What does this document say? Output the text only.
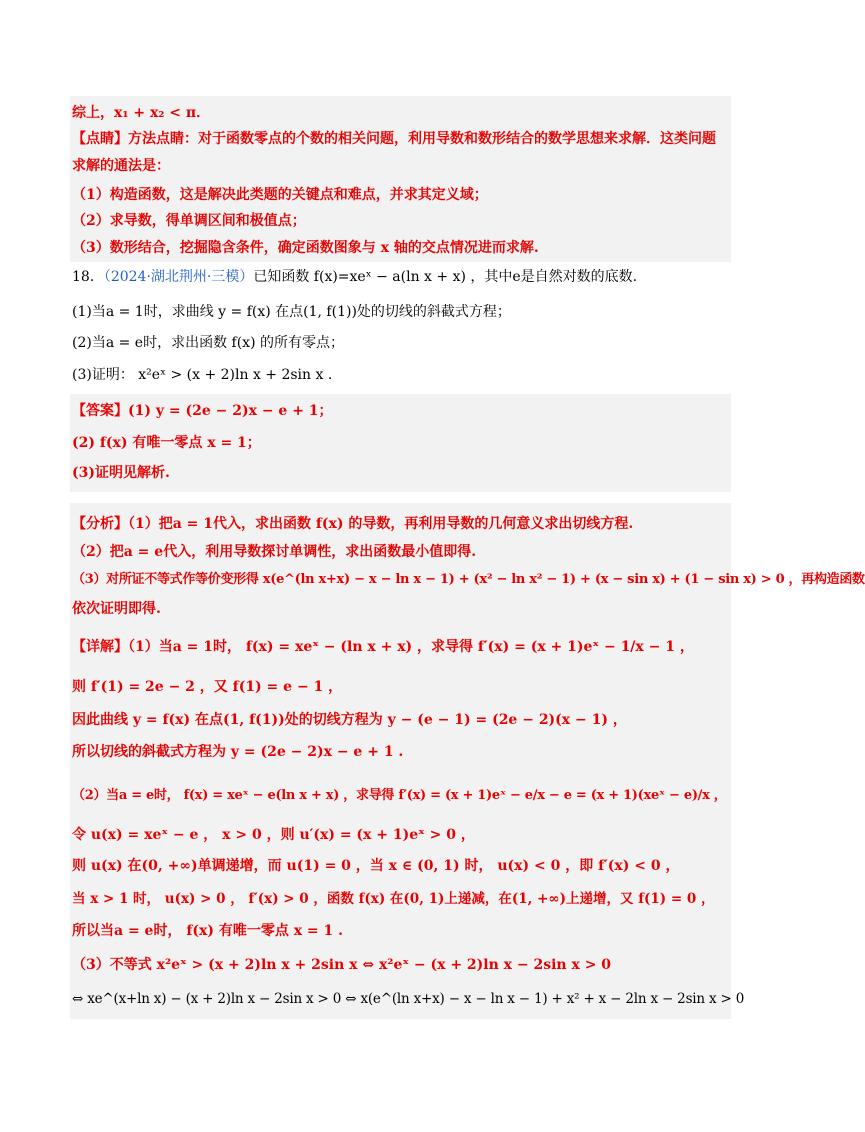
综上，x₁ + x₂ < π．
【点睛】方法点睛：对于函数零点的个数的相关问题，利用导数和数形结合的数学思想来求解．这类问题
求解的通法是：
（1）构造函数，这是解决此类题的关键点和难点，并求其定义域；
（2）求导数，得单调区间和极值点；
（3）数形结合，挖掘隐含条件，确定函数图象与 x 轴的交点情况进而求解.
18．（2024·湖北荆州·三模）已知函数 f(x)=xeˣ − a(ln x + x) ，其中e是自然对数的底数.
(1)当a = 1时，求曲线 y = f(x) 在点(1, f(1))处的切线的斜截式方程；
(2)当a = e时，求出函数 f(x) 的所有零点；
(3)证明： x²eˣ > (x + 2)ln x + 2sin x .
【答案】(1) y = (2e − 2)x − e + 1；
(2) f(x) 有唯一零点 x = 1；
(3)证明见解析.
【分析】（1）把a = 1代入，求出函数 f(x) 的导数，再利用导数的几何意义求出切线方程.
（2）把a = e代入，利用导数探讨单调性，求出函数最小值即得.
（3）对所证不等式作等价变形得 x(e^(ln x+x) − x − ln x − 1) + (x² − ln x² − 1) + (x − sin x) + (1 − sin x) > 0 ，再构造函数
依次证明即得.
【详解】（1）当a = 1时， f(x) = xeˣ − (ln x + x) ，求导得 f′(x) = (x + 1)eˣ − 1/x − 1 ，
则 f′(1) = 2e − 2 ，又 f(1) = e − 1 ，
因此曲线 y = f(x) 在点(1, f(1))处的切线方程为 y − (e − 1) = (2e − 2)(x − 1) ，
所以切线的斜截式方程为 y = (2e − 2)x − e + 1 .
（2）当a = e时， f(x) = xeˣ − e(ln x + x) ，求导得 f′(x) = (x + 1)eˣ − e/x − e = (x + 1)(xeˣ − e)/x ，
令 u(x) = xeˣ − e ， x > 0 ，则 u′(x) = (x + 1)eˣ > 0 ，
则 u(x) 在(0, +∞)单调递增，而 u(1) = 0 ，当 x ∈ (0, 1) 时， u(x) < 0 ，即 f′(x) < 0 ，
当 x > 1 时， u(x) > 0 ， f′(x) > 0 ，函数 f(x) 在(0, 1)上递减，在(1, +∞)上递增，又 f(1) = 0 ，
所以当a = e时， f(x) 有唯一零点 x = 1 .
（3）不等式 x²eˣ > (x + 2)ln x + 2sin x ⇔ x²eˣ − (x + 2)ln x − 2sin x > 0
⇔ xe^(x+ln x) − (x + 2)ln x − 2sin x > 0 ⇔ x(e^(ln x+x) − x − ln x − 1) + x² + x − 2ln x − 2sin x > 0
